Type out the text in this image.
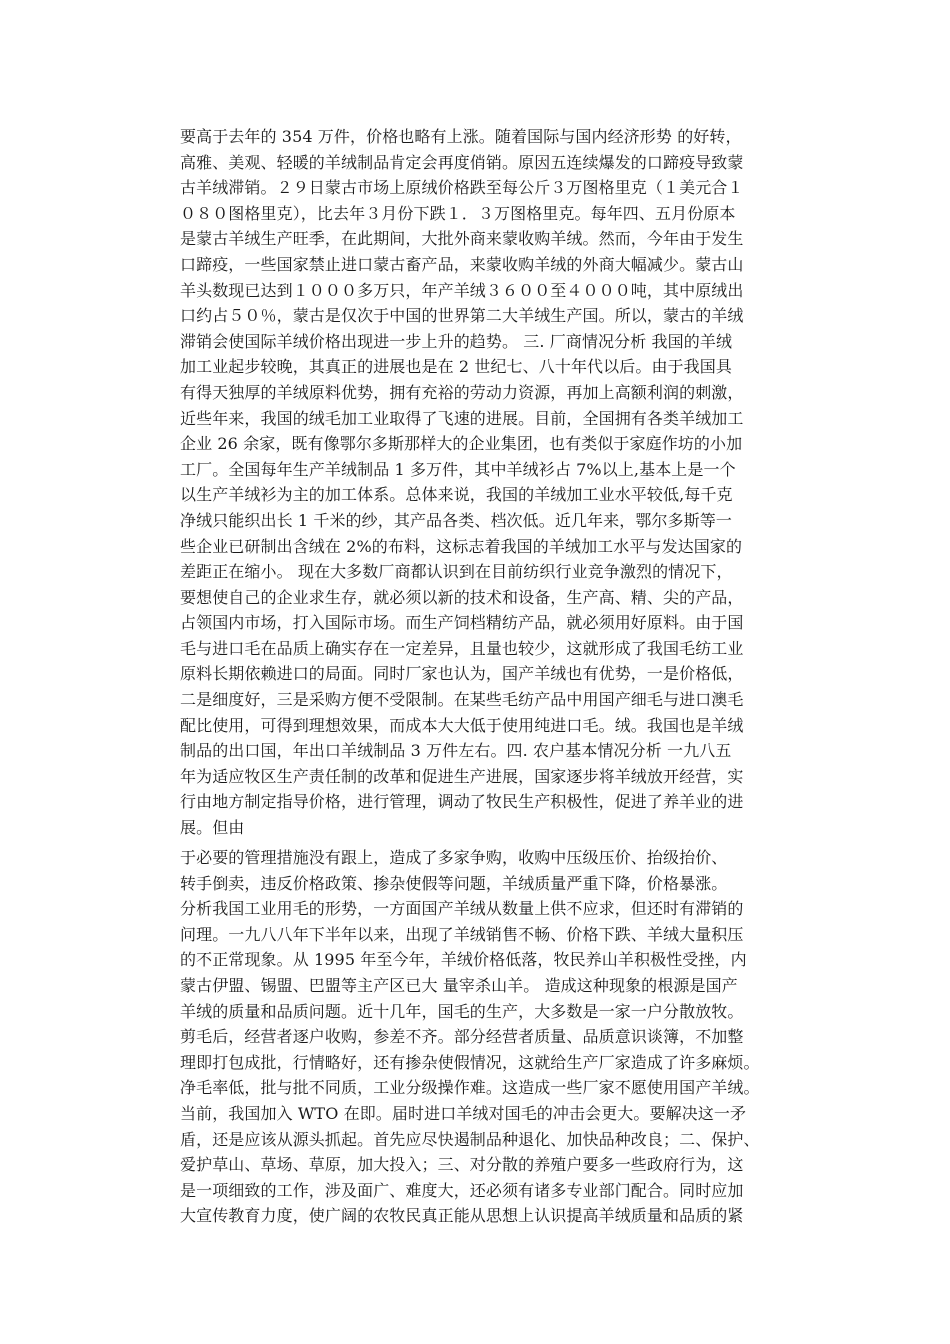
要高于去年的 354 万件，价格也略有上涨。随着国际与国内经济形势 的好转，
高雅、美观、轻暖的羊绒制品肯定会再度俏销。原因五连续爆发的口蹄疫导致蒙
古羊绒滞销。２９日蒙古市场上原绒价格跌至每公斤３万图格里克（１美元合１
０８０图格里克），比去年３月份下跌１．３万图格里克。每年四、五月份原本
是蒙古羊绒生产旺季，在此期间，大批外商来蒙收购羊绒。然而，今年由于发生
口蹄疫，一些国家禁止进口蒙古畜产品，来蒙收购羊绒的外商大幅减少。蒙古山
羊头数现已达到１０００多万只，年产羊绒３６００至４０００吨，其中原绒出
口约占５０％，蒙古是仅次于中国的世界第二大羊绒生产国。所以，蒙古的羊绒
滞销会使国际羊绒价格出现进一步上升的趋势。 三. 厂商情况分析 我国的羊绒
加工业起步较晚，其真正的进展也是在 2 世纪七、八十年代以后。由于我国具
有得天独厚的羊绒原料优势，拥有充裕的劳动力资源，再加上高额利润的刺激，
近些年来，我国的绒毛加工业取得了飞速的进展。目前，全国拥有各类羊绒加工
企业 26 余家，既有像鄂尔多斯那样大的企业集团，也有类似于家庭作坊的小加
工厂。全国每年生产羊绒制品 1 多万件，其中羊绒衫占 7%以上,基本上是一个
以生产羊绒衫为主的加工体系。总体来说，我国的羊绒加工业水平较低,每千克
净绒只能织出长 1 千米的纱，其产品各类、档次低。近几年来，鄂尔多斯等一
些企业已研制出含绒在 2%的布料，这标志着我国的羊绒加工水平与发达国家的
差距正在缩小。 现在大多数厂商都认识到在目前纺织行业竞争激烈的情况下，
要想使自己的企业求生存，就必须以新的技术和设备，生产高、精、尖的产品，
占领国内市场，打入国际市场。而生产饲档精纺产品，就必须用好原料。由于国
毛与进口毛在品质上确实存在一定差异，且量也较少，这就形成了我国毛纺工业
原料长期依赖进口的局面。同时厂家也认为，国产羊绒也有优势，一是价格低，
二是细度好，三是采购方便不受限制。在某些毛纺产品中用国产细毛与进口澳毛
配比使用，可得到理想效果，而成本大大低于使用纯进口毛。绒。我国也是羊绒
制品的出口国，年出口羊绒制品 3 万件左右。四. 农户基本情况分析 一九八五
年为适应牧区生产责任制的改革和促进生产进展，国家逐步将羊绒放开经营，实
行由地方制定指导价格，进行管理，调动了牧民生产积极性，促进了养羊业的进
展。但由
于必要的管理措施没有跟上，造成了多家争购，收购中压级压价、抬级抬价、
转手倒卖，违反价格政策、掺杂使假等问题，羊绒质量严重下降，价格暴涨。
分析我国工业用毛的形势，一方面国产羊绒从数量上供不应求，但还时有滞销的
问理。一九八八年下半年以来，出现了羊绒销售不畅、价格下跌、羊绒大量积压
的不正常现象。从 1995 年至今年，羊绒价格低落，牧民养山羊积极性受挫，内
蒙古伊盟、锡盟、巴盟等主产区已大 量宰杀山羊。 造成这种现象的根源是国产
羊绒的质量和品质问题。近十几年，国毛的生产，大多数是一家一户分散放牧。
剪毛后，经营者逐户收购，参差不齐。部分经营者质量、品质意识谈簿，不加整
理即打包成批，行情略好，还有掺杂使假情况，这就给生产厂家造成了许多麻烦。
净毛率低，批与批不同质，工业分级操作难。这造成一些厂家不愿使用国产羊绒。
当前，我国加入 WTO 在即。届时进口羊绒对国毛的冲击会更大。要解决这一矛
盾，还是应该从源头抓起。首先应尽快遏制品种退化、加快品种改良；二、保护、
爱护草山、草场、草原，加大投入；三、对分散的养殖户要多一些政府行为，这
是一项细致的工作，涉及面广、难度大，还必须有诸多专业部门配合。同时应加
大宣传教育力度，使广阔的农牧民真正能从思想上认识提高羊绒质量和品质的紧
